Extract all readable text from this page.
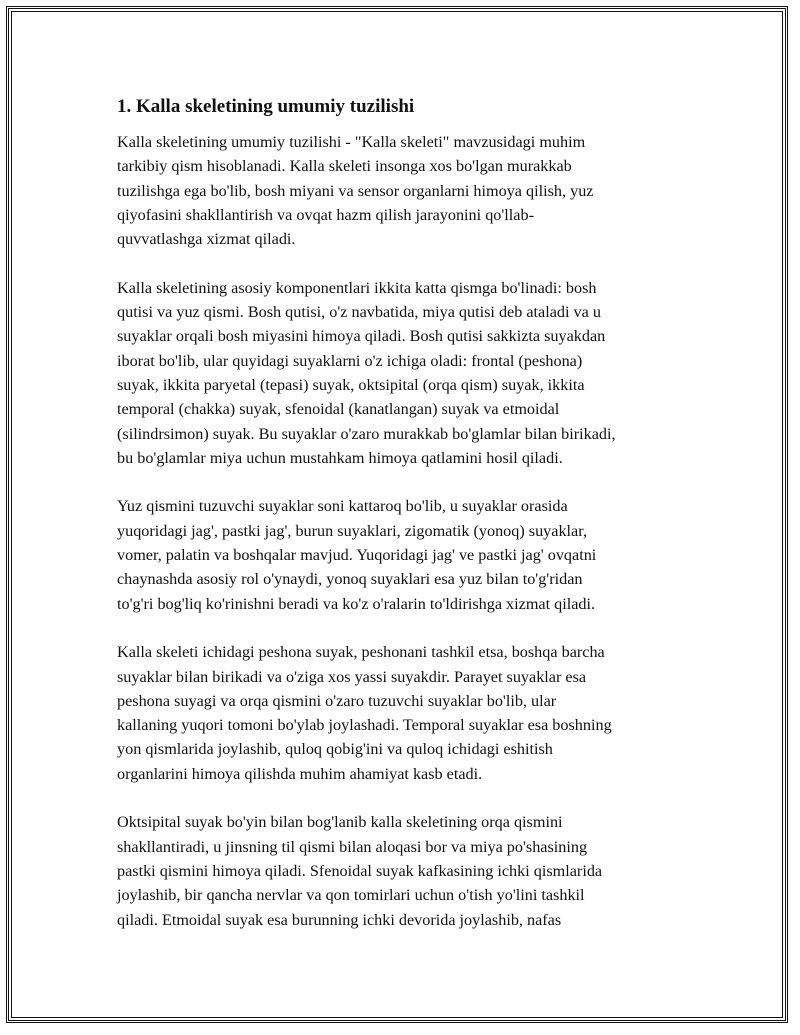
1. Kalla skeletining umumiy tuzilishi

Kalla skeletining umumiy tuzilishi - "Kalla skeleti" mavzusidagi muhim
tarkibiy qism hisoblanadi. Kalla skeleti insonga xos bo'lgan murakkab
tuzilishga ega bo'lib, bosh miyani va sensor organlarni himoya qilish, yuz
qiyofasini shakllantirish va ovqat hazm qilish jarayonini qo'llab-
quvvatlashga xizmat qiladi.

Kalla skeletining asosiy komponentlari ikkita katta qismga bo'linadi: bosh
qutisi va yuz qismi. Bosh qutisi, o'z navbatida, miya qutisi deb ataladi va u
suyaklar orqali bosh miyasini himoya qiladi. Bosh qutisi sakkizta suyakdan
iborat bo'lib, ular quyidagi suyaklarni o'z ichiga oladi: frontal (peshona)
suyak, ikkita paryetal (tepasi) suyak, oktsipital (orqa qism) suyak, ikkita
temporal (chakka) suyak, sfenoidal (kanatlangan) suyak va etmoidal
(silindrsimon) suyak. Bu suyaklar o'zaro murakkab bo'glamlar bilan birikadi,
bu bo'glamlar miya uchun mustahkam himoya qatlamini hosil qiladi.

Yuz qismini tuzuvchi suyaklar soni kattaroq bo'lib, u suyaklar orasida
yuqoridagi jag', pastki jag', burun suyaklari, zigomatik (yonoq) suyaklar,
vomer, palatin va boshqalar mavjud. Yuqoridagi jag' ve pastki jag' ovqatni
chaynashda asosiy rol o'ynaydi, yonoq suyaklari esa yuz bilan to'g'ridan
to'g'ri bog'liq ko'rinishni beradi va ko'z o'ralarin to'ldirishga xizmat qiladi.

Kalla skeleti ichidagi peshona suyak, peshonani tashkil etsa, boshqa barcha
suyaklar bilan birikadi va o'ziga xos yassi suyakdir. Parayet suyaklar esa
peshona suyagi va orqa qismini o'zaro tuzuvchi suyaklar bo'lib, ular
kallaning yuqori tomoni bo'ylab joylashadi. Temporal suyaklar esa boshning
yon qismlarida joylashib, quloq qobig'ini va quloq ichidagi eshitish
organlarini himoya qilishda muhim ahamiyat kasb etadi.

Oktsipital suyak bo'yin bilan bog'lanib kalla skeletining orqa qismini
shakllantiradi, u jinsning til qismi bilan aloqasi bor va miya po'shasining
pastki qismini himoya qiladi. Sfenoidal suyak kafkasining ichki qismlarida
joylashib, bir qancha nervlar va qon tomirlari uchun o'tish yo'lini tashkil
qiladi. Etmoidal suyak esa burunning ichki devorida joylashib, nafas
